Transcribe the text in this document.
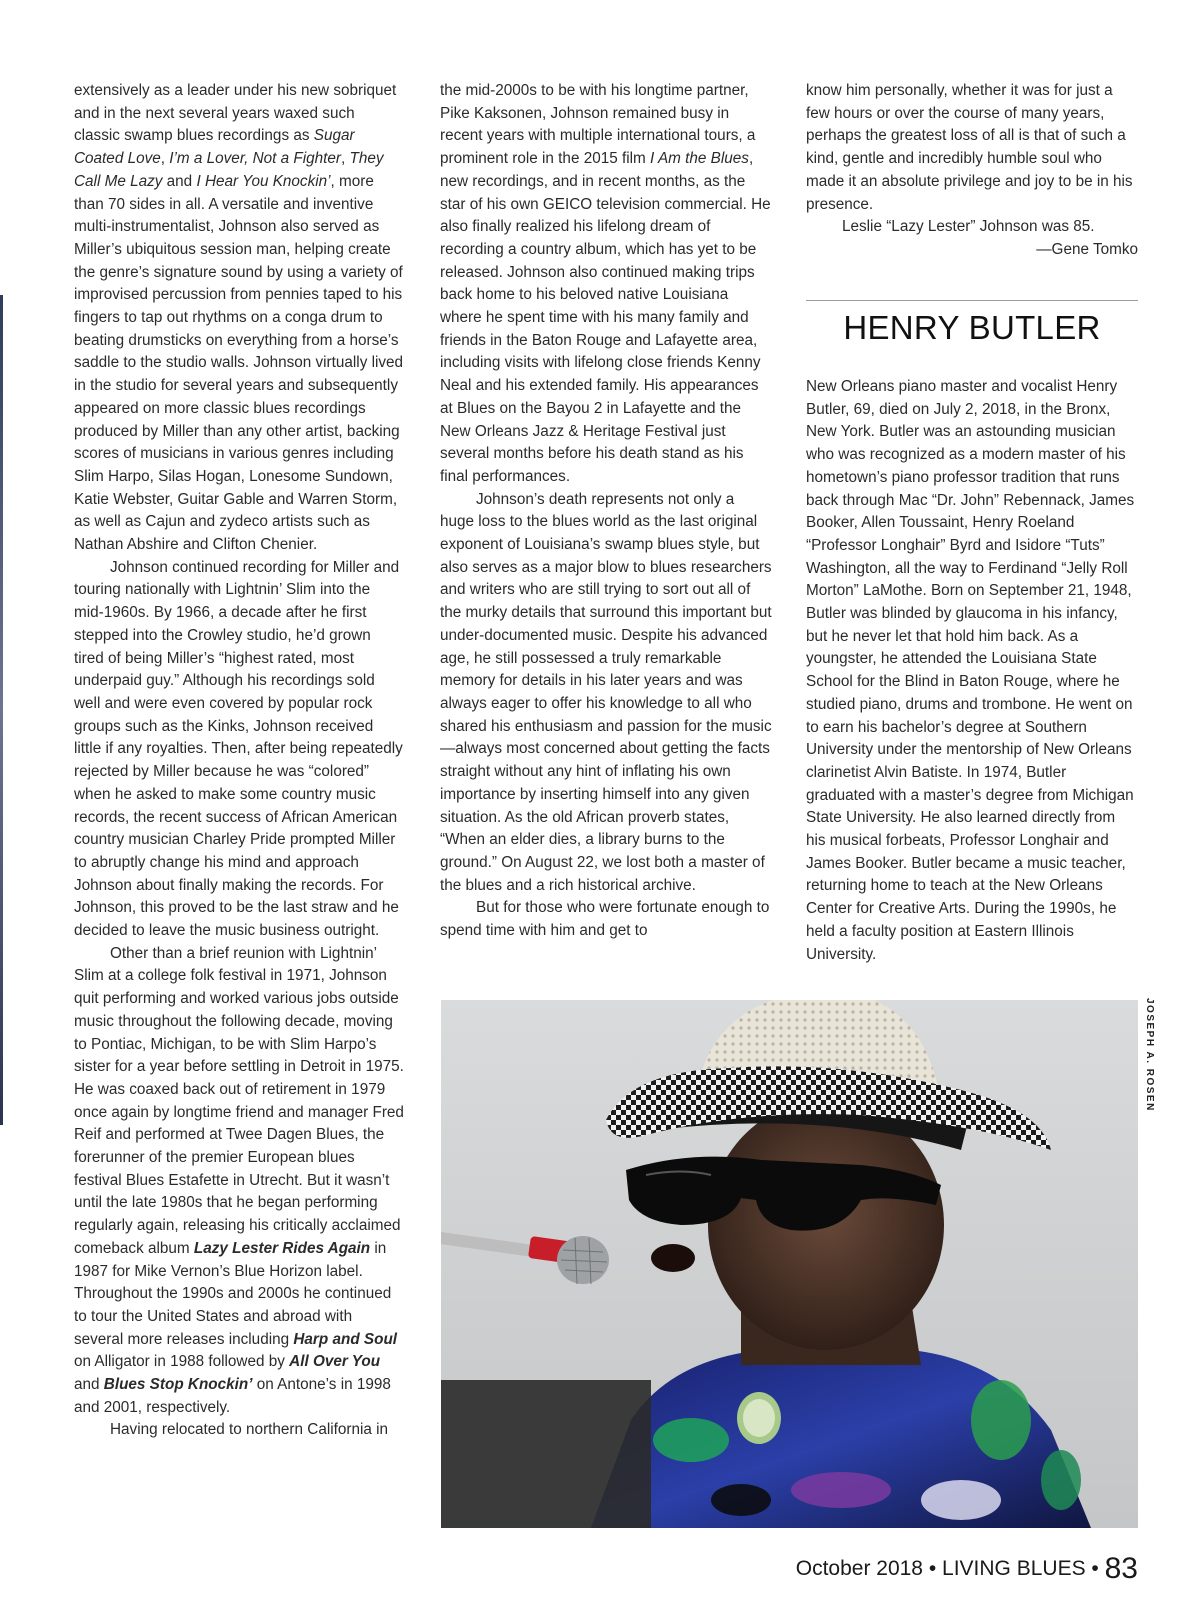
extensively as a leader under his new sobriquet and in the next several years waxed such classic swamp blues recordings as Sugar Coated Love, I’m a Lover, Not a Fighter, They Call Me Lazy and I Hear You Knockin’, more than 70 sides in all. A versatile and inventive multi-instrumentalist, Johnson also served as Miller’s ubiquitous session man, helping create the genre’s signature sound by using a variety of improvised percussion from pennies taped to his fingers to tap out rhythms on a conga drum to beating drumsticks on everything from a horse’s saddle to the studio walls. Johnson virtually lived in the studio for several years and subsequently appeared on more classic blues recordings produced by Miller than any other artist, backing scores of musicians in various genres including Slim Harpo, Silas Hogan, Lonesome Sundown, Katie Webster, Guitar Gable and Warren Storm, as well as Cajun and zydeco artists such as Nathan Abshire and Clifton Chenier.

Johnson continued recording for Miller and touring nationally with Lightnin’ Slim into the mid-1960s. By 1966, a decade after he first stepped into the Crowley studio, he’d grown tired of being Miller’s “highest rated, most underpaid guy.” Although his recordings sold well and were even covered by popular rock groups such as the Kinks, Johnson received little if any royalties. Then, after being repeatedly rejected by Miller because he was “colored” when he asked to make some country music records, the recent success of African American country musician Charley Pride prompted Miller to abruptly change his mind and approach Johnson about finally making the records. For Johnson, this proved to be the last straw and he decided to leave the music business outright.

Other than a brief reunion with Lightnin’ Slim at a college folk festival in 1971, Johnson quit performing and worked various jobs outside music throughout the following decade, moving to Pontiac, Michigan, to be with Slim Harpo’s sister for a year before settling in Detroit in 1975. He was coaxed back out of retirement in 1979 once again by longtime friend and manager Fred Reif and performed at Twee Dagen Blues, the forerunner of the premier European blues festival Blues Estafette in Utrecht. But it wasn’t until the late 1980s that he began performing regularly again, releasing his critically acclaimed comeback album Lazy Lester Rides Again in 1987 for Mike Vernon’s Blue Horizon label. Throughout the 1990s and 2000s he continued to tour the United States and abroad with several more releases including Harp and Soul on Alligator in 1988 followed by All Over You and Blues Stop Knockin’ on Antone’s in 1998 and 2001, respectively.

Having relocated to northern California in

the mid-2000s to be with his longtime partner, Pike Kaksonen, Johnson remained busy in recent years with multiple international tours, a prominent role in the 2015 film I Am the Blues, new recordings, and in recent months, as the star of his own GEICO television commercial. He also finally realized his lifelong dream of recording a country album, which has yet to be released. Johnson also continued making trips back home to his beloved native Louisiana where he spent time with his many family and friends in the Baton Rouge and Lafayette area, including visits with lifelong close friends Kenny Neal and his extended family. His appearances at Blues on the Bayou 2 in Lafayette and the New Orleans Jazz & Heritage Festival just several months before his death stand as his final performances.

Johnson’s death represents not only a huge loss to the blues world as the last original exponent of Louisiana’s swamp blues style, but also serves as a major blow to blues researchers and writers who are still trying to sort out all of the murky details that surround this important but under-documented music. Despite his advanced age, he still possessed a truly remarkable memory for details in his later years and was always eager to offer his knowledge to all who shared his enthusiasm and passion for the music—always most concerned about getting the facts straight without any hint of inflating his own importance by inserting himself into any given situation. As the old African proverb states, “When an elder dies, a library burns to the ground.” On August 22, we lost both a master of the blues and a rich historical archive.

But for those who were fortunate enough to spend time with him and get to

know him personally, whether it was for just a few hours or over the course of many years, perhaps the greatest loss of all is that of such a kind, gentle and incredibly humble soul who made it an absolute privilege and joy to be in his presence.

Leslie “Lazy Lester” Johnson was 85.

—Gene Tomko

HENRY BUTLER

New Orleans piano master and vocalist Henry Butler, 69, died on July 2, 2018, in the Bronx, New York. Butler was an astounding musician who was recognized as a modern master of his hometown’s piano professor tradition that runs back through Mac “Dr. John” Rebennack, James Booker, Allen Toussaint, Henry Roeland “Professor Longhair” Byrd and Isidore “Tuts” Washington, all the way to Ferdinand “Jelly Roll Morton” LaMothe. Born on September 21, 1948, Butler was blinded by glaucoma in his infancy, but he never let that hold him back. As a youngster, he attended the Louisiana State School for the Blind in Baton Rouge, where he studied piano, drums and trombone. He went on to earn his bachelor’s degree at Southern University under the mentorship of New Orleans clarinetist Alvin Batiste. In 1974, Butler graduated with a master’s degree from Michigan State University. He also learned directly from his musical forbeats, Professor Longhair and James Booker. Butler became a music teacher, returning home to teach at the New Orleans Center for Creative Arts. During the 1990s, he held a faculty position at Eastern Illinois University.

JOSEPH A. ROSEN
October 2018 • LIVING BLUES • 83
